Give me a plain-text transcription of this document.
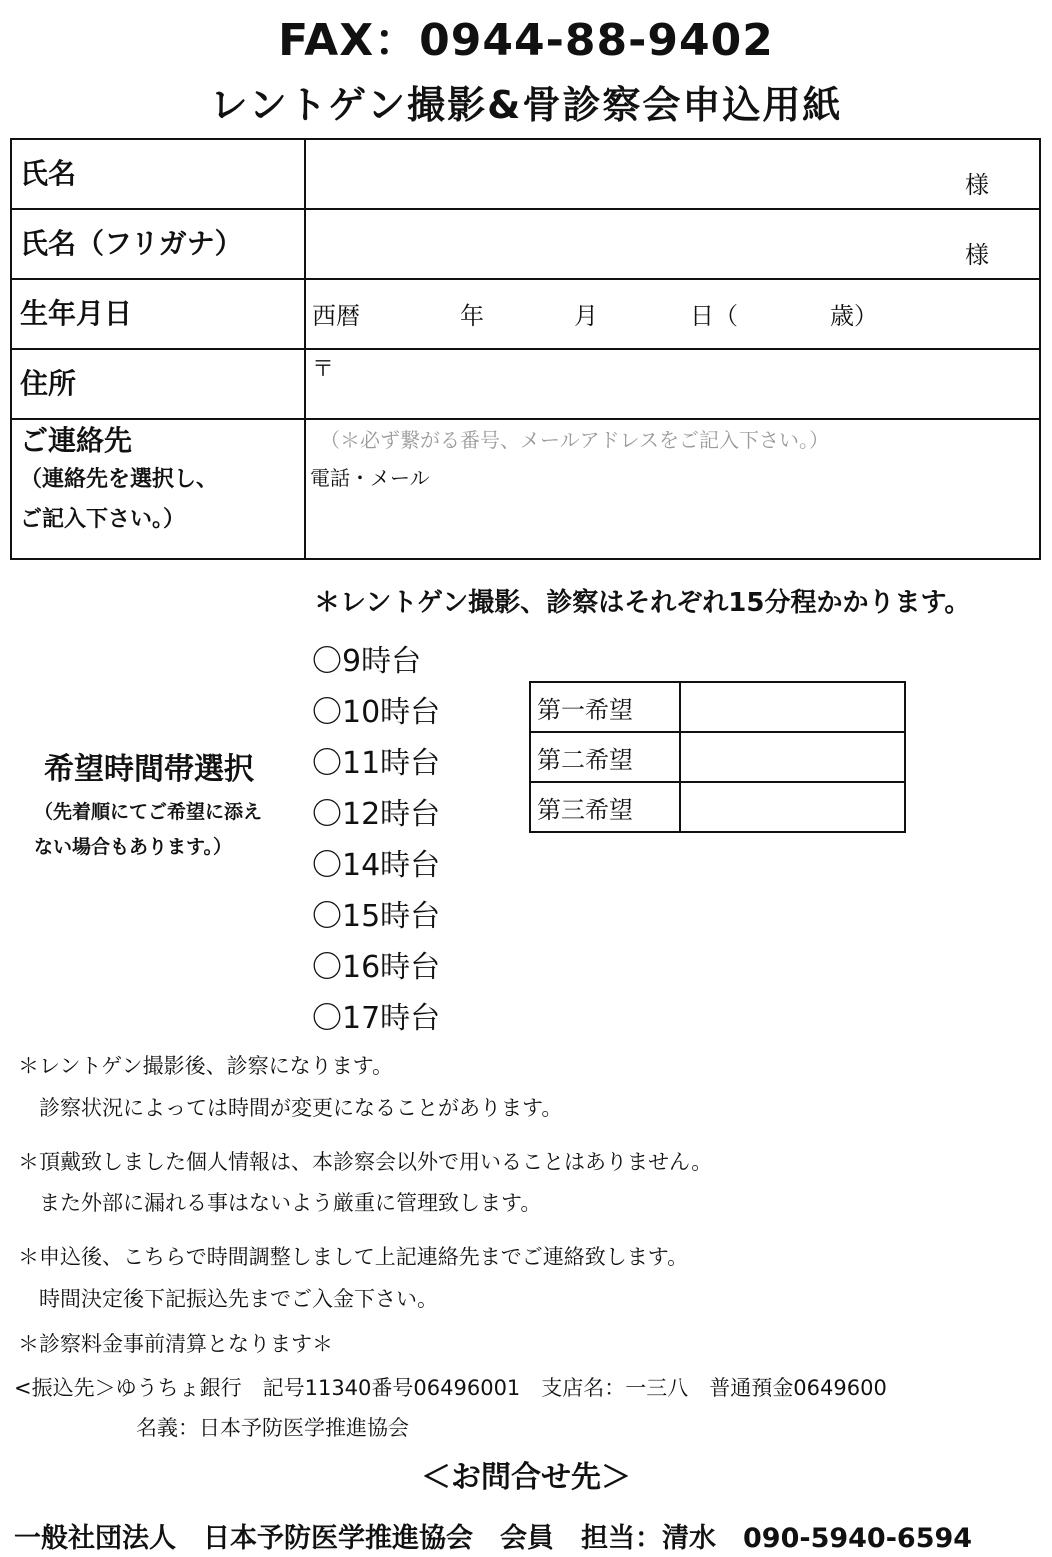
FAX：0944-88-9402
レントゲン撮影&骨診察会申込用紙
氏名	様

氏名（フリガナ）	様

生年月日	西暦 年 月 日（ 歳）

住所	〒

ご連絡先
（連絡先を選択し、
ご記入下さい。）	（＊必ず繋がる番号、メールアドレスをご記入下さい。）
電話・メール
＊レントゲン撮影、診察はそれぞれ15分程かかります。
希望時間帯選択
（先着順にてご希望に添え
ない場合もあります。）
〇9時台
〇10時台
〇11時台
〇12時台
〇14時台
〇15時台
〇16時台
〇17時台
第一希望	
第二希望	
第三希望	
＊レントゲン撮影後、診察になります。
　診察状況によっては時間が変更になることがあります。
＊頂戴致しました個人情報は、本診察会以外で用いることはありません。
　また外部に漏れる事はないよう厳重に管理致します。
＊申込後、こちらで時間調整しまして上記連絡先までご連絡致します。
　時間決定後下記振込先までご入金下さい。
＊診察料金事前清算となります＊
<振込先＞ゆうちょ銀行　記号11340番号06496001　支店名：一三八　普通預金0649600
名義：日本予防医学推進協会
＜お問合せ先＞
一般社団法人　日本予防医学推進協会　会員　担当：清水　090-5940-6594
